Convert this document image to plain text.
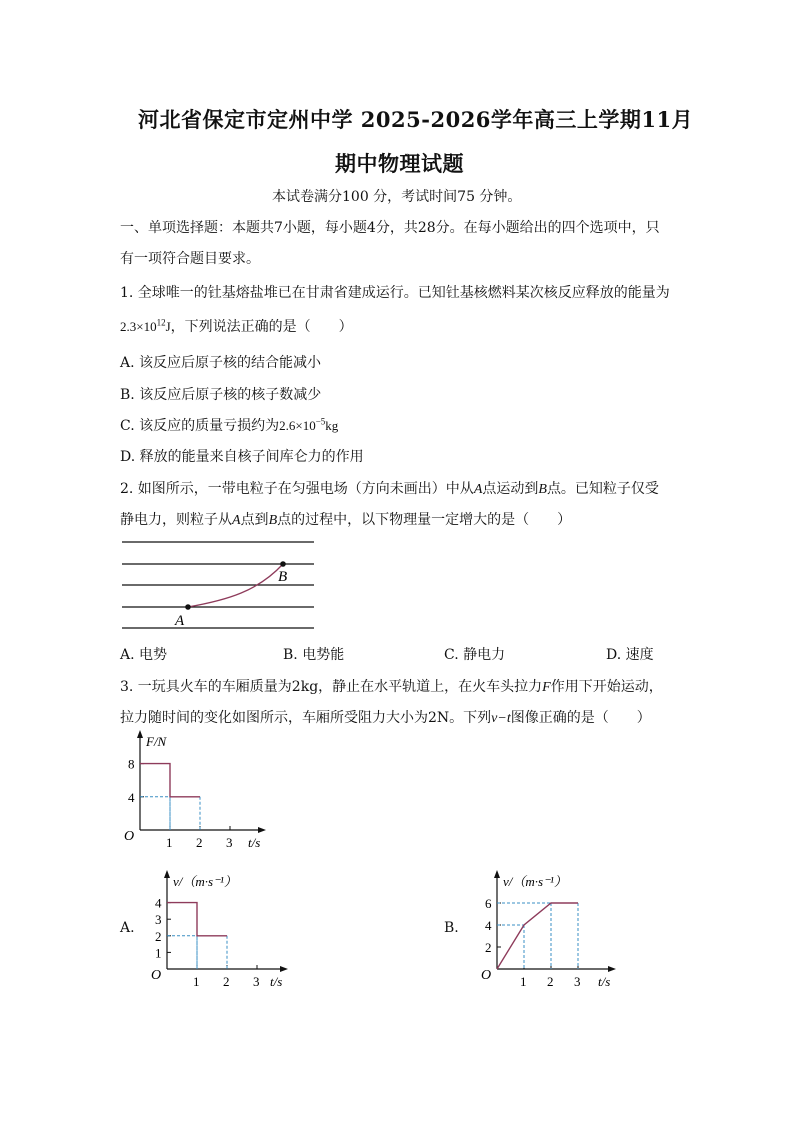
河北省保定市定州中学 2025-2026学年高三上学期11月
期中物理试题
本试卷满分100 分，考试时间75 分钟。
一、单项选择题：本题共7小题，每小题4分，共28分。在每小题给出的四个选项中，只
有一项符合题目要求。
1. 全球唯一的钍基熔盐堆已在甘肃省建成运行。已知钍基核燃料某次核反应释放的能量为
$2.3\times 10^{12}J$，下列说法正确的是（　　）
A. 该反应后原子核的结合能减小
B. 该反应后原子核的核子数减少
C. 该反应的质量亏损约为$2.6\times 10^{-5}kg$
D. 释放的能量来自核子间库仑力的作用
2. 如图所示，一带电粒子在匀强电场（方向未画出）中从A点运动到B点。已知粒子仅受
静电力，则粒子从A点到B点的过程中，以下物理量一定增大的是（　　）
A
B
A. 电势	B. 电势能	C. 静电力	D. 速度
3. 一玩具火车的车厢质量为2kg，静止在水平轨道上，在火车头拉力F作用下开始运动，
拉力随时间的变化如图所示，车厢所受阻力大小为2N。下列v−t图像正确的是（　　）
F/N
t/s
O 1 2 3
4
8
A.
v/（m·s⁻¹）
t/s
O 1 2 3
1
2
3
4
B.
v/（m·s⁻¹）
t/s
O 1 2 3
2
4
6
